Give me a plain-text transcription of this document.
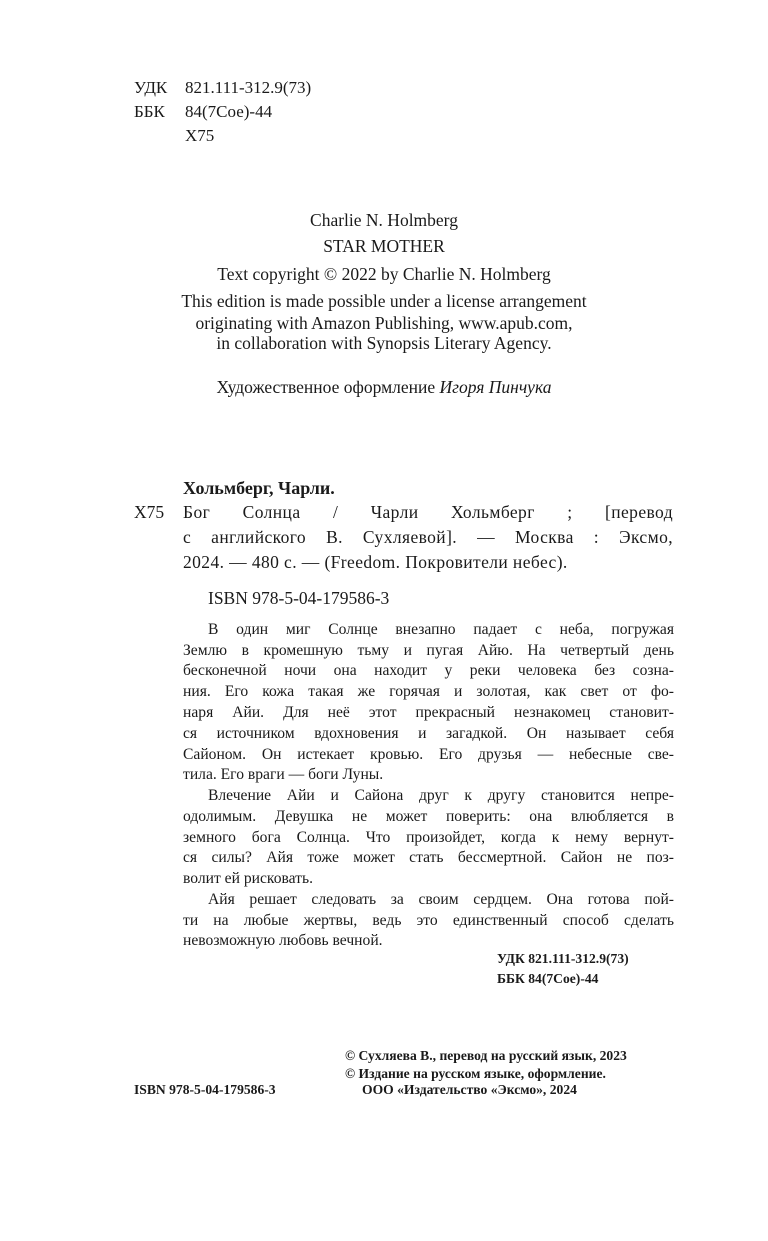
УДК 821.111-312.9(73)
ББК 84(7Сое)-44
Х75
Charlie N. Holmberg
STAR MOTHER
Text copyright © 2022 by Charlie N. Holmberg
This edition is made possible under a license arrangement
originating with Amazon Publishing, www.apub.com,
in collaboration with Synopsis Literary Agency.
Художественное оформление Игоря Пинчука
Хольмберг, Чарли.
Х75 Бог Солнца / Чарли Хольмберг ; [перевод
с английского В. Сухляевой]. — Москва : Эксмо,
2024. — 480 с. — (Freedom. Покровители небес).
ISBN 978-5-04-179586-3
В один миг Солнце внезапно падает с неба, погружая
Землю в кромешную тьму и пугая Айю. На четвертый день
бесконечной ночи она находит у реки человека без созна-
ния. Его кожа такая же горячая и золотая, как свет от фо-
наря Айи. Для неё этот прекрасный незнакомец становит-
ся источником вдохновения и загадкой. Он называет себя
Сайоном. Он истекает кровью. Его друзья — небесные све-
тила. Его враги — боги Луны.
Влечение Айи и Сайона друг к другу становится непре-
одолимым. Девушка не может поверить: она влюбляется в
земного бога Солнца. Что произойдет, когда к нему вернут-
ся силы? Айя тоже может стать бессмертной. Сайон не поз-
волит ей рисковать.
Айя решает следовать за своим сердцем. Она готова пой-
ти на любые жертвы, ведь это единственный способ сделать
невозможную любовь вечной.
УДК 821.111-312.9(73)
ББК 84(7Сое)-44
© Сухляева В., перевод на русский язык, 2023
© Издание на русском языке, оформление.
ISBN 978-5-04-179586-3	ООО «Издательство «Эксмо», 2024
